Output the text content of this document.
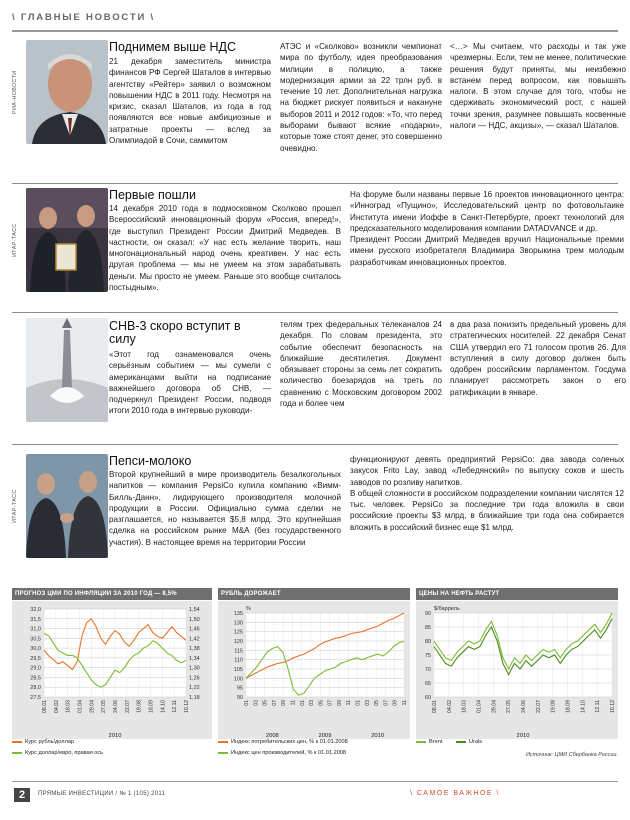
\ ГЛАВНЫЕ НОВОСТИ \
РИА-НОВОСТИ
Поднимем выше НДС
21 декабря заместитель министра финансов РФ Сергей Шаталов в интервью агентству «Рейтер» заявил о возможном повышении НДС в 2011 году. Несмотря на кризис, сказал Шаталов, из года в год появляются все новые амбициозные и затратные проекты — вслед за Олимпиадой в Сочи, саммитом
АТЭС и «Сколково» возникли чемпионат мира по футболу, идея преобразования милиции в полицию, а также модернизация армии за 22 трлн руб. в течение 10 лет. Дополнительная нагрузка на бюджет рискует появиться и накануне выборов 2011 и 2012 годов: «То, что перед выборами бывают всякие «подарки», которые тоже стоят денег, это совершенно очевидно.
<…> Мы считаем, что расходы и так уже чрезмерны. Если, тем не менее, политические решения будут приняты, мы неизбежно встанем перед вопросом, как повышать налоги. В этом случае для того, чтобы не сдерживать экономический рост, с нашей точки зрения, разумнее повышать косвенные налоги — НДС, акцизы», — сказал Шаталов.
ИТАР-ТАСС
Первые пошли
14 декабря 2010 года в подмосковном Сколково прошел Всероссийский инновационный форум «Россия, вперед!», где выступил Президент России Дмитрий Медведев. В частности, он сказал: «У нас есть желание творить, наш многонациональный народ очень креативен. У нас есть другая проблема — мы не умеем на этом зарабатывать деньги. Мы просто не умеем. Раньше это вообще считалось постыдным».
На форуме были названы первые 16 проектов инновационного центра: «Инноград «Пущино», Исследовательский центр по фотовольтаике Института имени Иоффе в Санкт-Петербурге, проект технологий для предсказательного моделирования компании DATADVANCE и др.
Президент России Дмитрий Медведев вручил Национальные премии имени русского изобретателя Владимира Зворыкина трем молодым разработчикам инновационных проектов.
СНВ-3 скоро вступит в силу
«Этот год ознаменовался очень серьёзным событием — мы сумели с американцами выйти на подписание важнейшего договора об СНВ, — подчеркнул Президент России, подводя итоги 2010 года в интервью руководи-
телям трех федеральных телеканалов 24 декабря. По словам президента, это событие обеспечит безопасность на ближайшие десятилетия. Документ обязывает стороны за семь лет сократить количество боезарядов на треть по сравнению с Московским договором 2002 года и более чем
в два раза понизить предельный уровень для стратегических носителей. 22 декабря Сенат США утвердил его 71 голосом против 26. Для вступления в силу договор должен быть одобрен российским парламентом. Госдума планирует рассмотреть закон о его ратификации в январе.
ИТАР-ТАСС
Пепси-молоко
Второй крупнейший в мире производитель безалкогольных напитков — компания PepsiCo купила компанию «Вимм-Билль-Данн», лидирующего производителя молочной продукции в России. Официально сумма сделки не разглашается, но называется $5,8 млрд. Это крупнейшая сделка на российском рынке M&A (без государственного участия). В настоящее время на территории России
функционируют девять предприятий PepsiCo: два завода соленых закусок Frito Lay, завод «Лебедянский» по выпуску соков и шесть заводов по розливу напитков.
В общей сложности в российском подразделении компании числятся 12 тыс. человек. PepsiCo за последние три года вложила в свои российские проекты $3 млрд, в ближайшие три года она собирается вложить в российский бизнес еще $1 млрд.
ПРОГНОЗ ЦМИ ПО ИНФЛЯЦИИ ЗА 2010 ГОД — 8,5%
32,0
31,5
31,0
30,5
30,0
29,5
29,0
28,5
28,0
27,5
1,54
1,50
1,46
1,42
1,38
1,34
1,30
1,26
1,22
1,18
08.01 04.02 18.03 01.04 29.04 27.05 24.06 22.07 19.08 18.09 14.10 12.11 10.12
2010
Курс рубль/доллар
Курс доллар/евро, правая ось
РУБЛЬ ДОРОЖАЕТ
135
130
125
120
115
110
105
100
95
90
%
01 03 05 07 09 11 01 03 05 07 09 11 01 03 05 07 09 11
2008	2009	2010
Индекс потребительских цен, % к 01.01.2008
Индекс цен производителей, % к 01.01.2008
ЦЕНЫ НА НЕФТЬ РАСТУТ
90
85
80
75
70
65
60
$/баррель
08.01 04.02 18.03 01.04 29.04 27.05 24.06 22.07 19.08 18.09 14.10 12.11 10.12
2010
Brent	Urals
Источник: ЦМИ Сбербанка России.
2	ПРЯМЫЕ ИНВЕСТИЦИИ / № 1 (105) 2011	\ САМОЕ ВАЖНОЕ \
